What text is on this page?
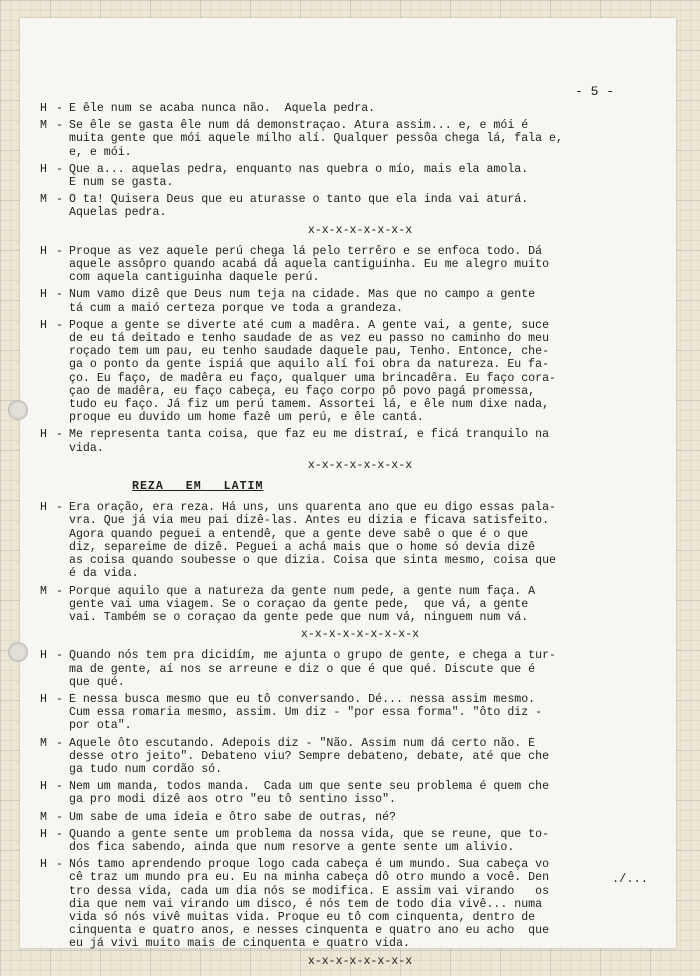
- 5 -
H - E êle num se acaba nunca não.  Aquela pedra.
M - Se êle se gasta êle num dá demonstraçao. Atura assim... e, e mói é
muita gente que mói aquele milho alí. Qualquer pessôa chega lá, fala e,
e, e mói.
H - Que a... aquelas pedra, enquanto nas quebra o mío, mais ela amola.
E num se gasta.
M - Ô ta! Quisera Deus que eu aturasse o tanto que ela inda vai aturá.
Aquelas pedra.
x-x-x-x-x-x-x-x
H - Proque as vez aquele perú chega lá pelo terrêro e se enfoca todo. Dá
aquele assôpro quando acabá dá aquela cantiguinha. Eu me alegro muito
com aquela cantiguinha daquele perú.
H - Num vamo dizê que Deus num teja na cidade. Mas que no campo a gente
tá cum a maió certeza porque ve toda a grandeza.
H - Poque a gente se diverte até cum a madêra. A gente vai, a gente, suce
de eu tá deitado e tenho saudade de as vez eu passo no caminho do meu
roçado tem um pau, eu tenho saudade daquele pau, Tenho. Entonce, che-
ga o ponto da gente ispiá que aquilo alí foi obra da natureza. Eu fa-
ço. Eu faço, de madêra eu faço, qualquer uma brincadêra. Eu faço cora-
çao de madêra, eu faço cabeça, eu faço corpo pô povo pagá promessa,
tudo eu faço. Já fiz um perú tamem. Assortei lá, e êle num dixe nada,
proque eu duvido um home fazê um perú, e êle cantá.
H - Me representa tanta coisa, que faz eu me distraí, e ficá tranquilo na
vida.
x-x-x-x-x-x-x-x
REZA EM LATIM
H - Era oração, era reza. Há uns, uns quarenta ano que eu digo essas pala-
vra. Que já via meu pai dizê-las. Antes eu dizia e ficava satisfeito.
Agora quando peguei a entendê, que a gente deve sabê o que é o que
diz, separeime de dizê. Peguei a achá mais que o home só devia dizê
as coisa quando soubesse o que dizia. Coisa que sinta mesmo, coisa que
é da vida.
M - Porque aquilo que a natureza da gente num pede, a gente num faça. A
gente vai uma viagem. Se o coraçao da gente pede,  que vá, a gente
vai. Também se o coraçao da gente pede que num vá, ninguem num vá.
x-x-x-x-x-x-x-x-x
H - Quando nós tem pra dicidím, me ajunta o grupo de gente, e chega a tur-
ma de gente, aí nos se arreune e diz o que é que qué. Discute que é
que qué.
H - É nessa busca mesmo que eu tô conversando. Dé... nessa assim mesmo.
Cum essa romaria mesmo, assim. Um diz - "por essa forma". "ôto diz -
por ota".
M - Aquele ôto escutando. Adepois diz - "Não. Assim num dá certo não. É
desse otro jeito". Debateno viu? Sempre debateno, debate, até que che
ga tudo num cordão só.
H - Nem um manda, todos manda.  Cada um que sente seu problema é quem che
ga pro modi dizê aos otro "eu tô sentino isso".
M - Um sabe de uma ideia e ôtro sabe de outras, né?
H - Quando a gente sente um problema da nossa vida, que se reune, que to-
dos fica sabendo, ainda que num resorve a gente sente um alivio.
H - Nós tamo aprendendo proque logo cada cabeça é um mundo. Sua cabeça vo
cê traz um mundo pra eu. Eu na minha cabeça dô otro mundo a você. Den
tro dessa vida, cada um dia nós se modifica. E assim vai virando   os
dia que nem vai virando um disco, é nós tem de todo dia vivê... numa
vida só nós vivê muitas vida. Proque eu tô com cinquenta, dentro de
cinquenta e quatro anos, e nesses cinquenta e quatro ano eu acho  que
eu já vivi muito mais de cinquenta e quatro vida.
x-x-x-x-x-x-x-x
./...
